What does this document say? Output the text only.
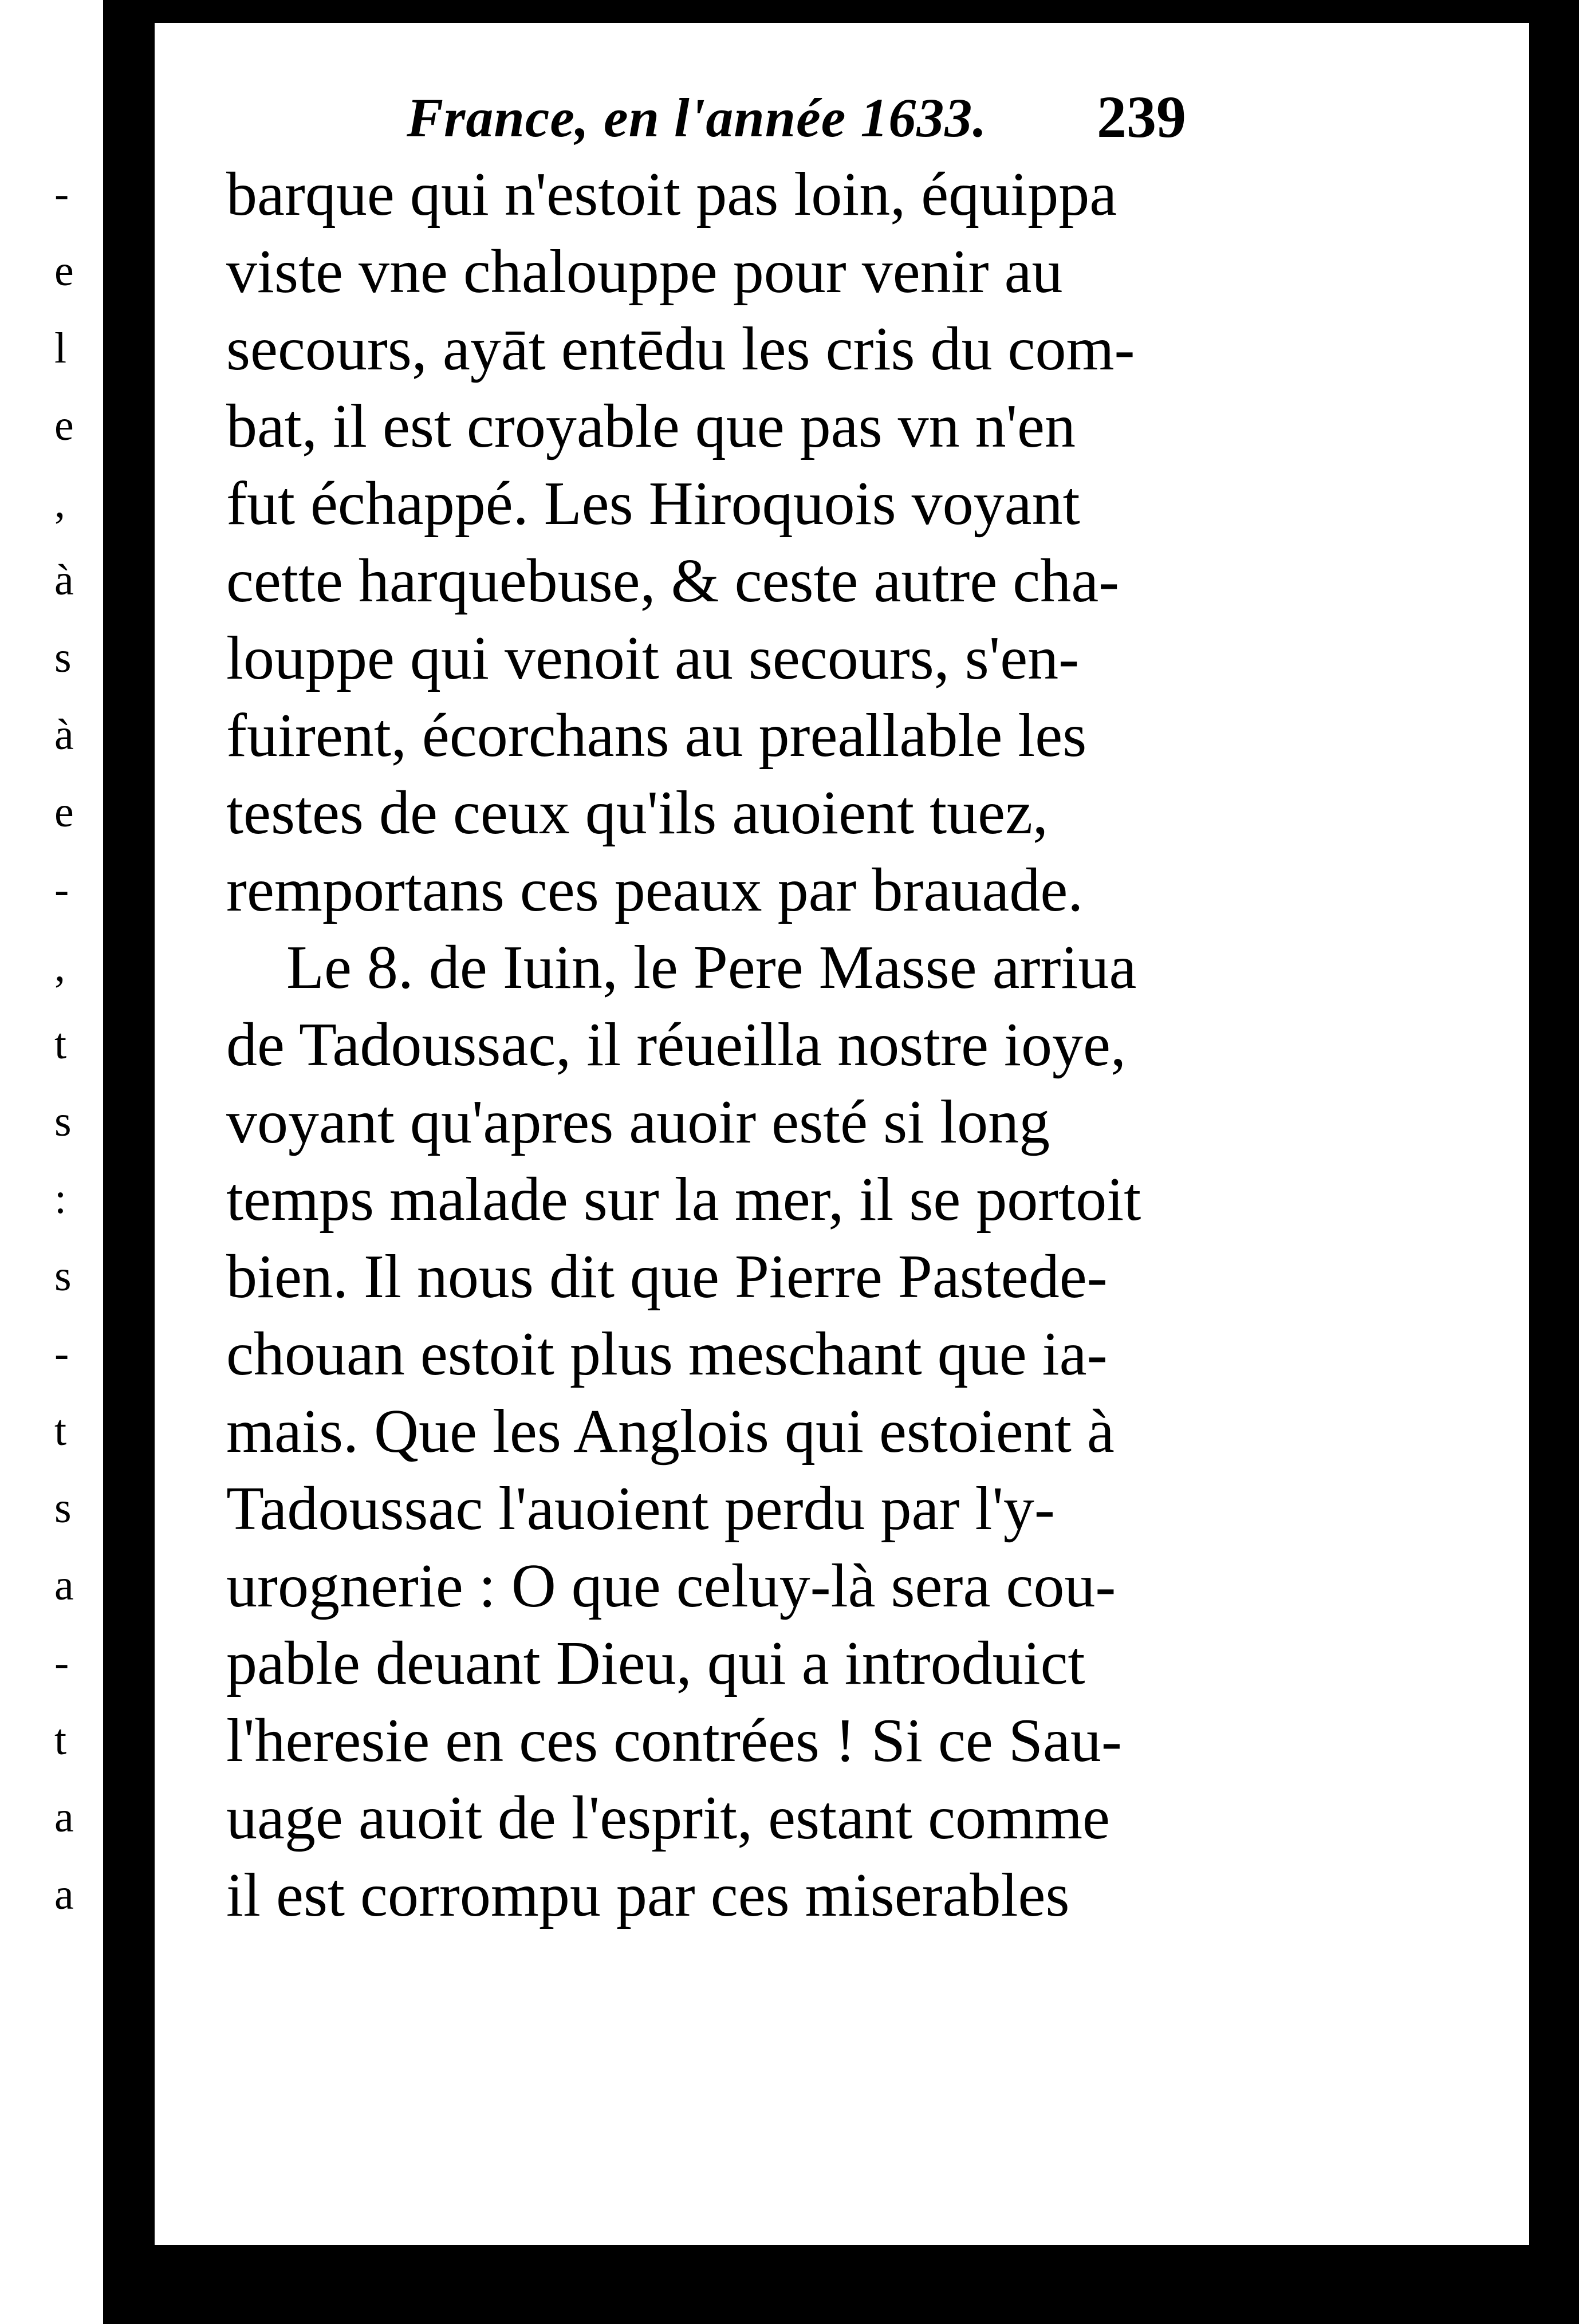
-
e
l
e
,
à
s
à
e
-
,
t
s
:
s
-
t
s
a
-
t
a
a
France, en l'année 1633. 239
barque qui n'estoit pas loin, équippa
viste vne chalouppe pour venir au
secours, ayāt entēdu les cris du com-
bat, il est croyable que pas vn n'en
fut échappé. Les Hiroquois voyant
cette harquebuse, & ceste autre cha-
louppe qui venoit au secours, s'en-
fuirent, écorchans au preallable les
testes de ceux qu'ils auoient tuez,
remportans ces peaux par brauade.
Le 8. de Iuin, le Pere Masse arriua
de Tadoussac, il réueilla nostre ioye,
voyant qu'apres auoir esté si long
temps malade sur la mer, il se portoit
bien. Il nous dit que Pierre Pastede-
chouan estoit plus meschant que ia-
mais. Que les Anglois qui estoient à
Tadoussac l'auoient perdu par l'y-
urognerie : O que celuy-là sera cou-
pable deuant Dieu, qui a introduict
l'heresie en ces contrées ! Si ce Sau-
uage auoit de l'esprit, estant comme
il est corrompu par ces miserables
